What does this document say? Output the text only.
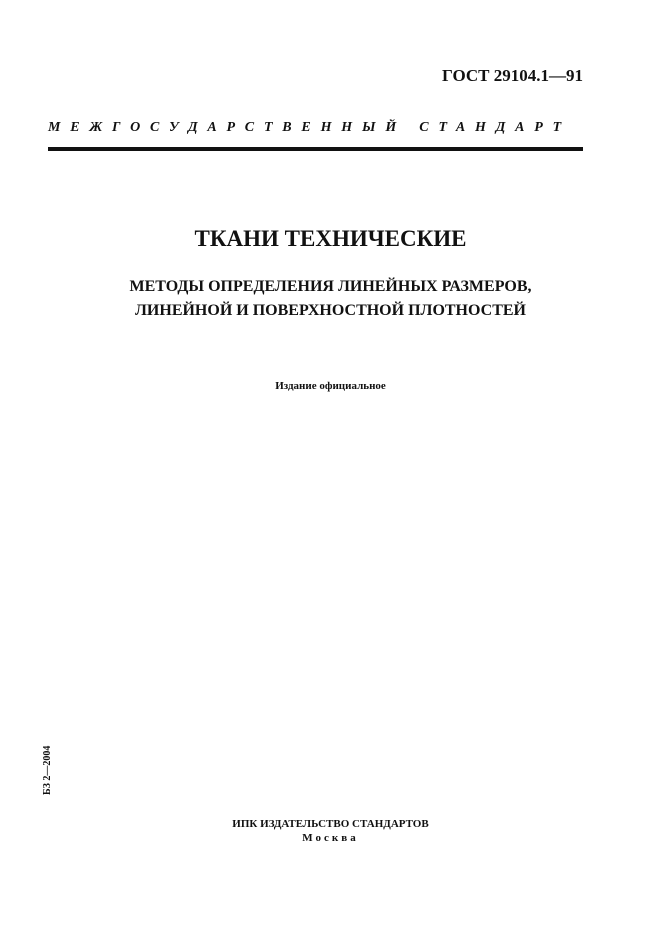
ГОСТ 29104.1—91
МЕЖГОСУДАРСТВЕННЫЙ СТАНДАРТ
ТКАНИ ТЕХНИЧЕСКИЕ
МЕТОДЫ ОПРЕДЕЛЕНИЯ ЛИНЕЙНЫХ РАЗМЕРОВ,
ЛИНЕЙНОЙ И ПОВЕРХНОСТНОЙ ПЛОТНОСТЕЙ
Издание официальное
БЗ 2—2004
ИПК ИЗДАТЕЛЬСТВО СТАНДАРТОВ
Москва
